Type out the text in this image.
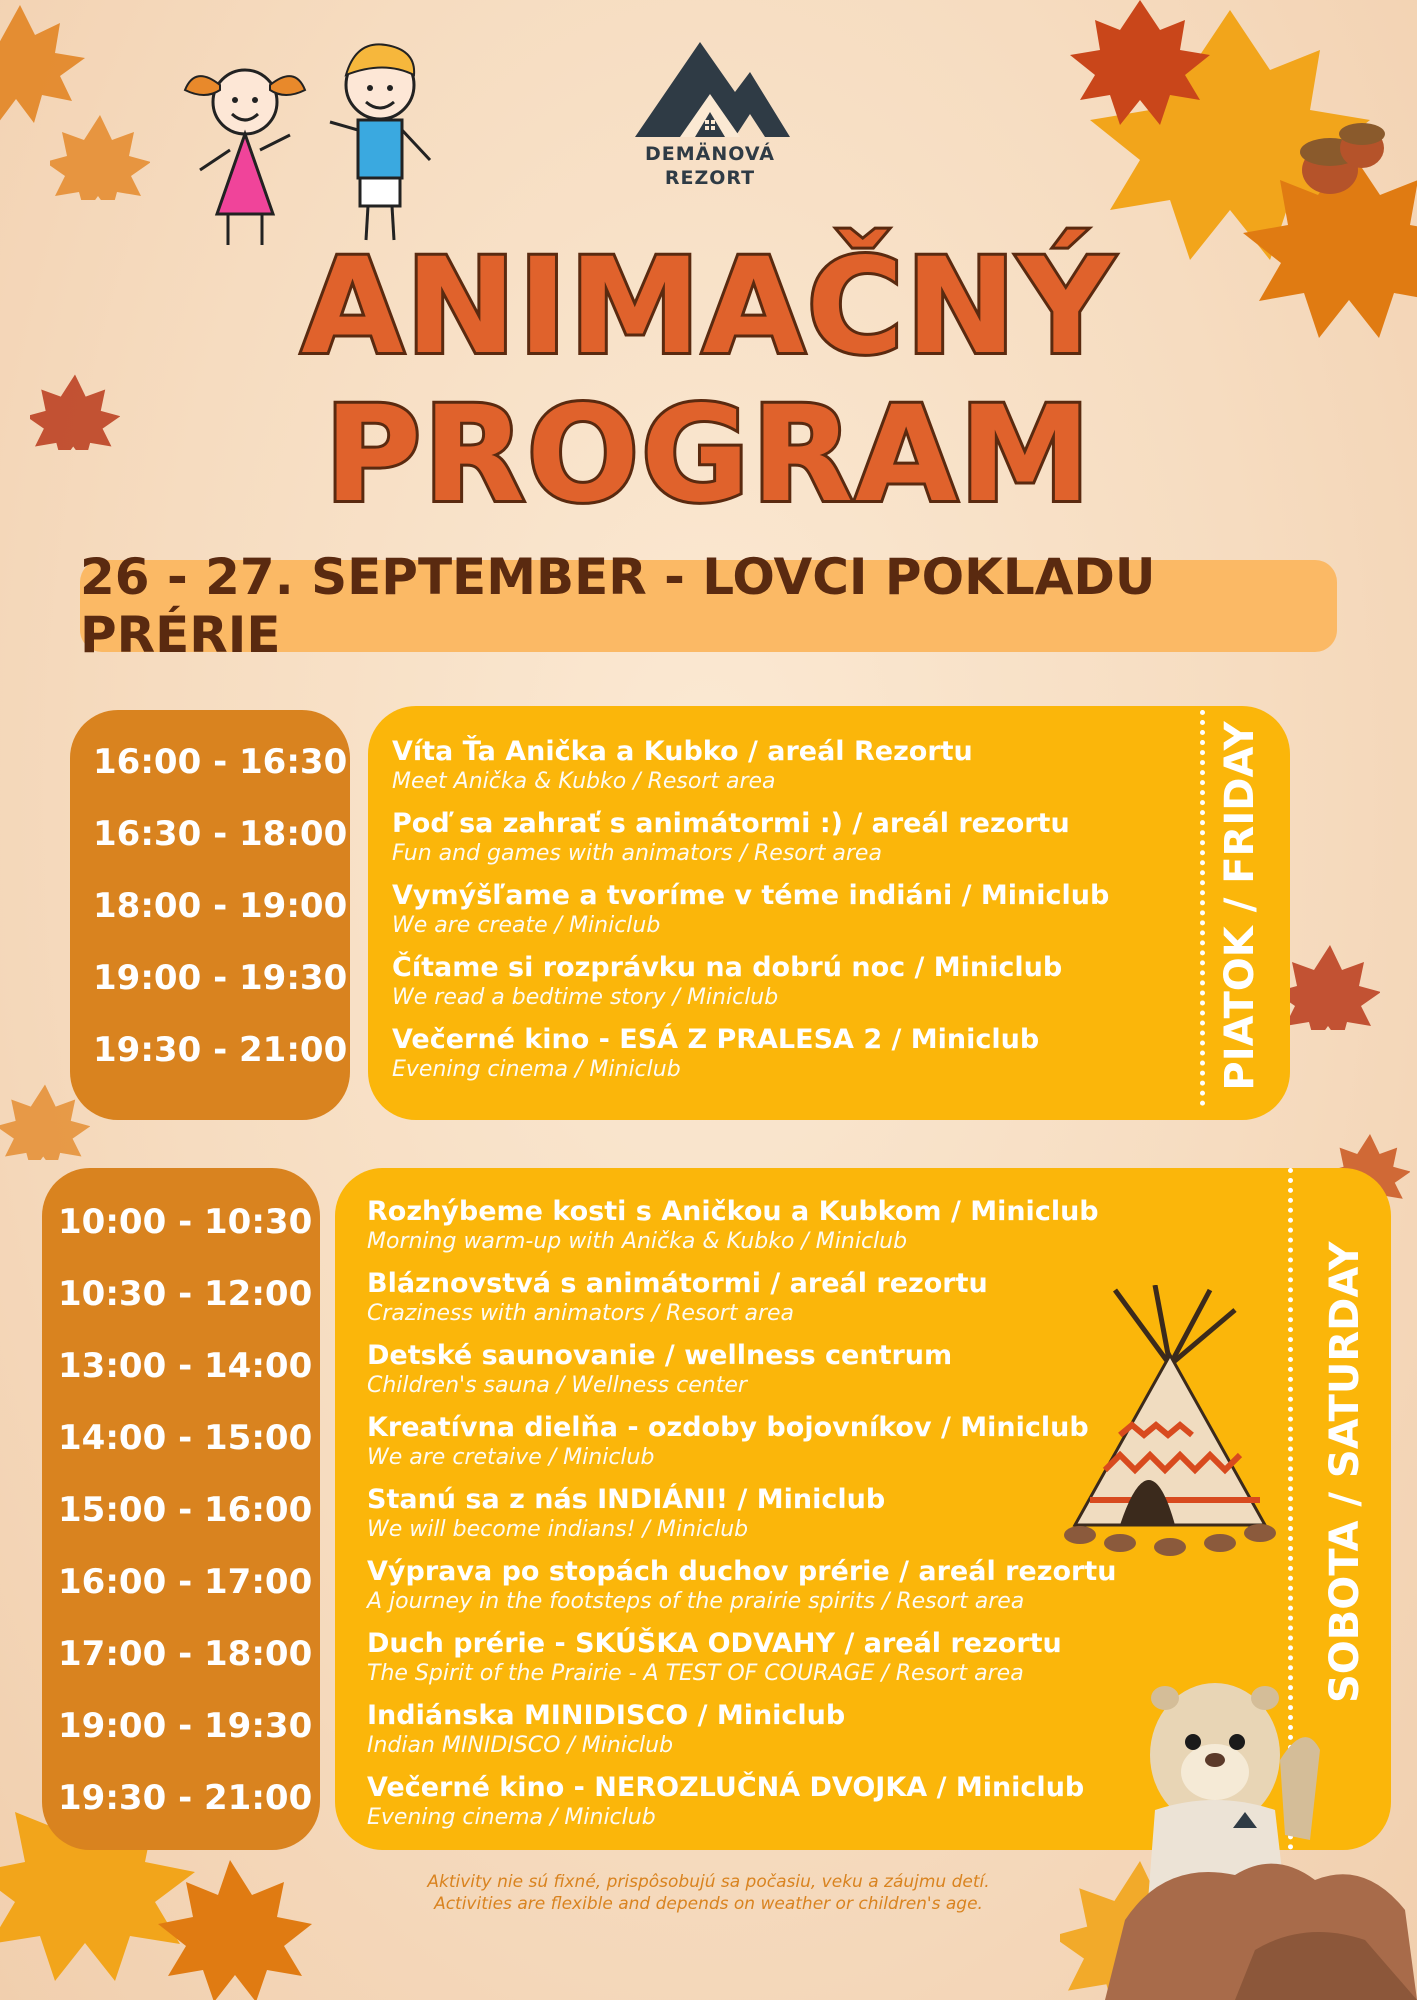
DEMÄNOVÁ
REZORT
ANIMAČNÝ
PROGRAM
26 - 27. SEPTEMBER - LOVCI POKLADU PRÉRIE
PIATOK / FRIDAY
16:00 - 16:30 Víta Ťa Anička a Kubko / areál Rezortu
Meet Anička & Kubko / Resort area
16:30 - 18:00 Poď sa zahrať s animátormi :) / areál rezortu
Fun and games with animators / Resort area
18:00 - 19:00 Vymýšľame a tvoríme v téme indiáni / Miniclub
We are create / Miniclub
19:00 - 19:30 Čítame si rozprávku na dobrú noc / Miniclub
We read a bedtime story / Miniclub
19:30 - 21:00 Večerné kino - ESÁ Z PRALESA 2 / Miniclub
Evening cinema / Miniclub
SOBOTA / SATURDAY
10:00 - 10:30 Rozhýbeme kosti s Aničkou a Kubkom / Miniclub
Morning warm-up with Anička & Kubko / Miniclub
10:30 - 12:00 Bláznovstvá s animátormi / areál rezortu
Craziness with animators / Resort area
13:00 - 14:00 Detské saunovanie / wellness centrum
Children's sauna / Wellness center
14:00 - 15:00 Kreatívna dielňa - ozdoby bojovníkov / Miniclub
We are cretaive / Miniclub
15:00 - 16:00 Stanú sa z nás INDIÁNI! / Miniclub
We will become indians! / Miniclub
16:00 - 17:00 Výprava po stopách duchov prérie / areál rezortu
A journey in the footsteps of the prairie spirits / Resort area
17:00 - 18:00 Duch prérie - SKÚŠKA ODVAHY / areál rezortu
The Spirit of the Prairie - A TEST OF COURAGE / Resort area
19:00 - 19:30 Indiánska MINIDISCO / Miniclub
Indian MINIDISCO / Miniclub
19:30 - 21:00 Večerné kino - NEROZLUČNÁ DVOJKA / Miniclub
Evening cinema / Miniclub
Aktivity nie sú fixné, prispôsobujú sa počasiu, veku a záujmu detí.
Activities are flexible and depends on weather or children's age.
